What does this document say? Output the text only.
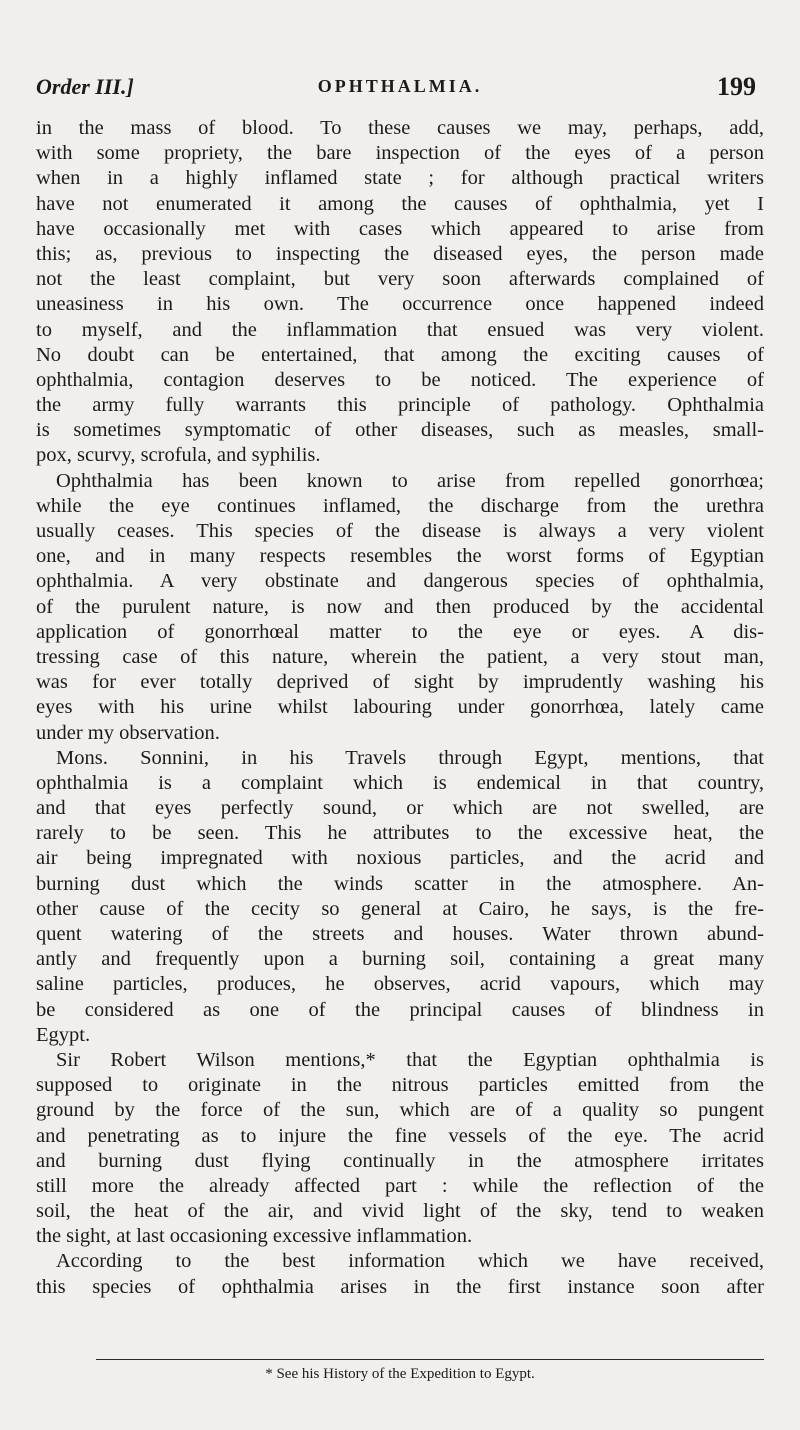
Order III.]	OPHTHALMIA.	199
in the mass of blood. To these causes we may, perhaps, add,
with some propriety, the bare inspection of the eyes of a person
when in a highly inflamed state ; for although practical writers
have not enumerated it among the causes of ophthalmia, yet I
have occasionally met with cases which appeared to arise from
this; as, previous to inspecting the diseased eyes, the person made
not the least complaint, but very soon afterwards complained of
uneasiness in his own. The occurrence once happened indeed
to myself, and the inflammation that ensued was very violent.
No doubt can be entertained, that among the exciting causes of
ophthalmia, contagion deserves to be noticed. The experience of
the army fully warrants this principle of pathology. Ophthalmia
is sometimes symptomatic of other diseases, such as measles, small-
pox, scurvy, scrofula, and syphilis.
Ophthalmia has been known to arise from repelled gonorrhœa;
while the eye continues inflamed, the discharge from the urethra
usually ceases. This species of the disease is always a very violent
one, and in many respects resembles the worst forms of Egyptian
ophthalmia. A very obstinate and dangerous species of ophthalmia,
of the purulent nature, is now and then produced by the accidental
application of gonorrhœal matter to the eye or eyes. A dis-
tressing case of this nature, wherein the patient, a very stout man,
was for ever totally deprived of sight by imprudently washing his
eyes with his urine whilst labouring under gonorrhœa, lately came
under my observation.
Mons. Sonnini, in his Travels through Egypt, mentions, that
ophthalmia is a complaint which is endemical in that country,
and that eyes perfectly sound, or which are not swelled, are
rarely to be seen. This he attributes to the excessive heat, the
air being impregnated with noxious particles, and the acrid and
burning dust which the winds scatter in the atmosphere. An-
other cause of the cecity so general at Cairo, he says, is the fre-
quent watering of the streets and houses. Water thrown abund-
antly and frequently upon a burning soil, containing a great many
saline particles, produces, he observes, acrid vapours, which may
be considered as one of the principal causes of blindness in
Egypt.
Sir Robert Wilson mentions,* that the Egyptian ophthalmia is
supposed to originate in the nitrous particles emitted from the
ground by the force of the sun, which are of a quality so pungent
and penetrating as to injure the fine vessels of the eye. The acrid
and burning dust flying continually in the atmosphere irritates
still more the already affected part : while the reflection of the
soil, the heat of the air, and vivid light of the sky, tend to weaken
the sight, at last occasioning excessive inflammation.
According to the best information which we have received,
this species of ophthalmia arises in the first instance soon after
* See his History of the Expedition to Egypt.
